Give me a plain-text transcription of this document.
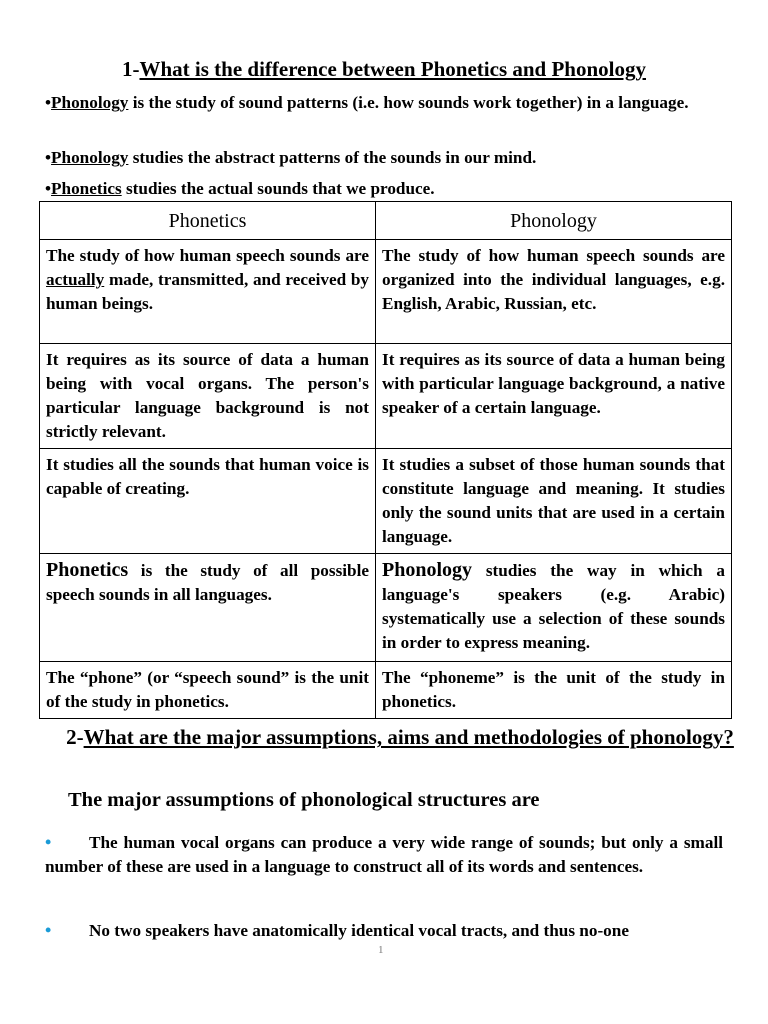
1-What is the difference between Phonetics and Phonology
•Phonology is the study of sound patterns (i.e. how sounds work together) in a language.
•Phonology studies the abstract patterns of the sounds in our mind.
•Phonetics studies the actual sounds that we produce.
Phonetics	Phonology
The study of how human speech sounds are actually made, transmitted, and received by human beings.	The study of how human speech sounds are organized into the individual languages, e.g. English, Arabic, Russian, etc.
It requires as its source of data a human being with vocal organs. The person's particular language background is not strictly relevant.	It requires as its source of data a human being with particular language background, a native speaker of a certain language.
It studies all the sounds that human voice is capable of creating.	It studies a subset of those human sounds that constitute language and meaning. It studies only the sound units that are used in a certain language.
Phonetics is the study of all possible speech sounds in all languages.	Phonology studies the way in which a language's speakers (e.g. Arabic) systematically use a selection of these sounds in order to express meaning.
The “phone” (or “speech sound” is the unit of the study in phonetics.	The “phoneme” is the unit of the study in phonetics.
2-What are the major assumptions, aims and methodologies of phonology?
The major assumptions of phonological structures are
• The human vocal organs can produce a very wide range of sounds; but only a small number of these are used in a language to construct all of its words and sentences.
• No two speakers have anatomically identical vocal tracts, and thus no-one
1
